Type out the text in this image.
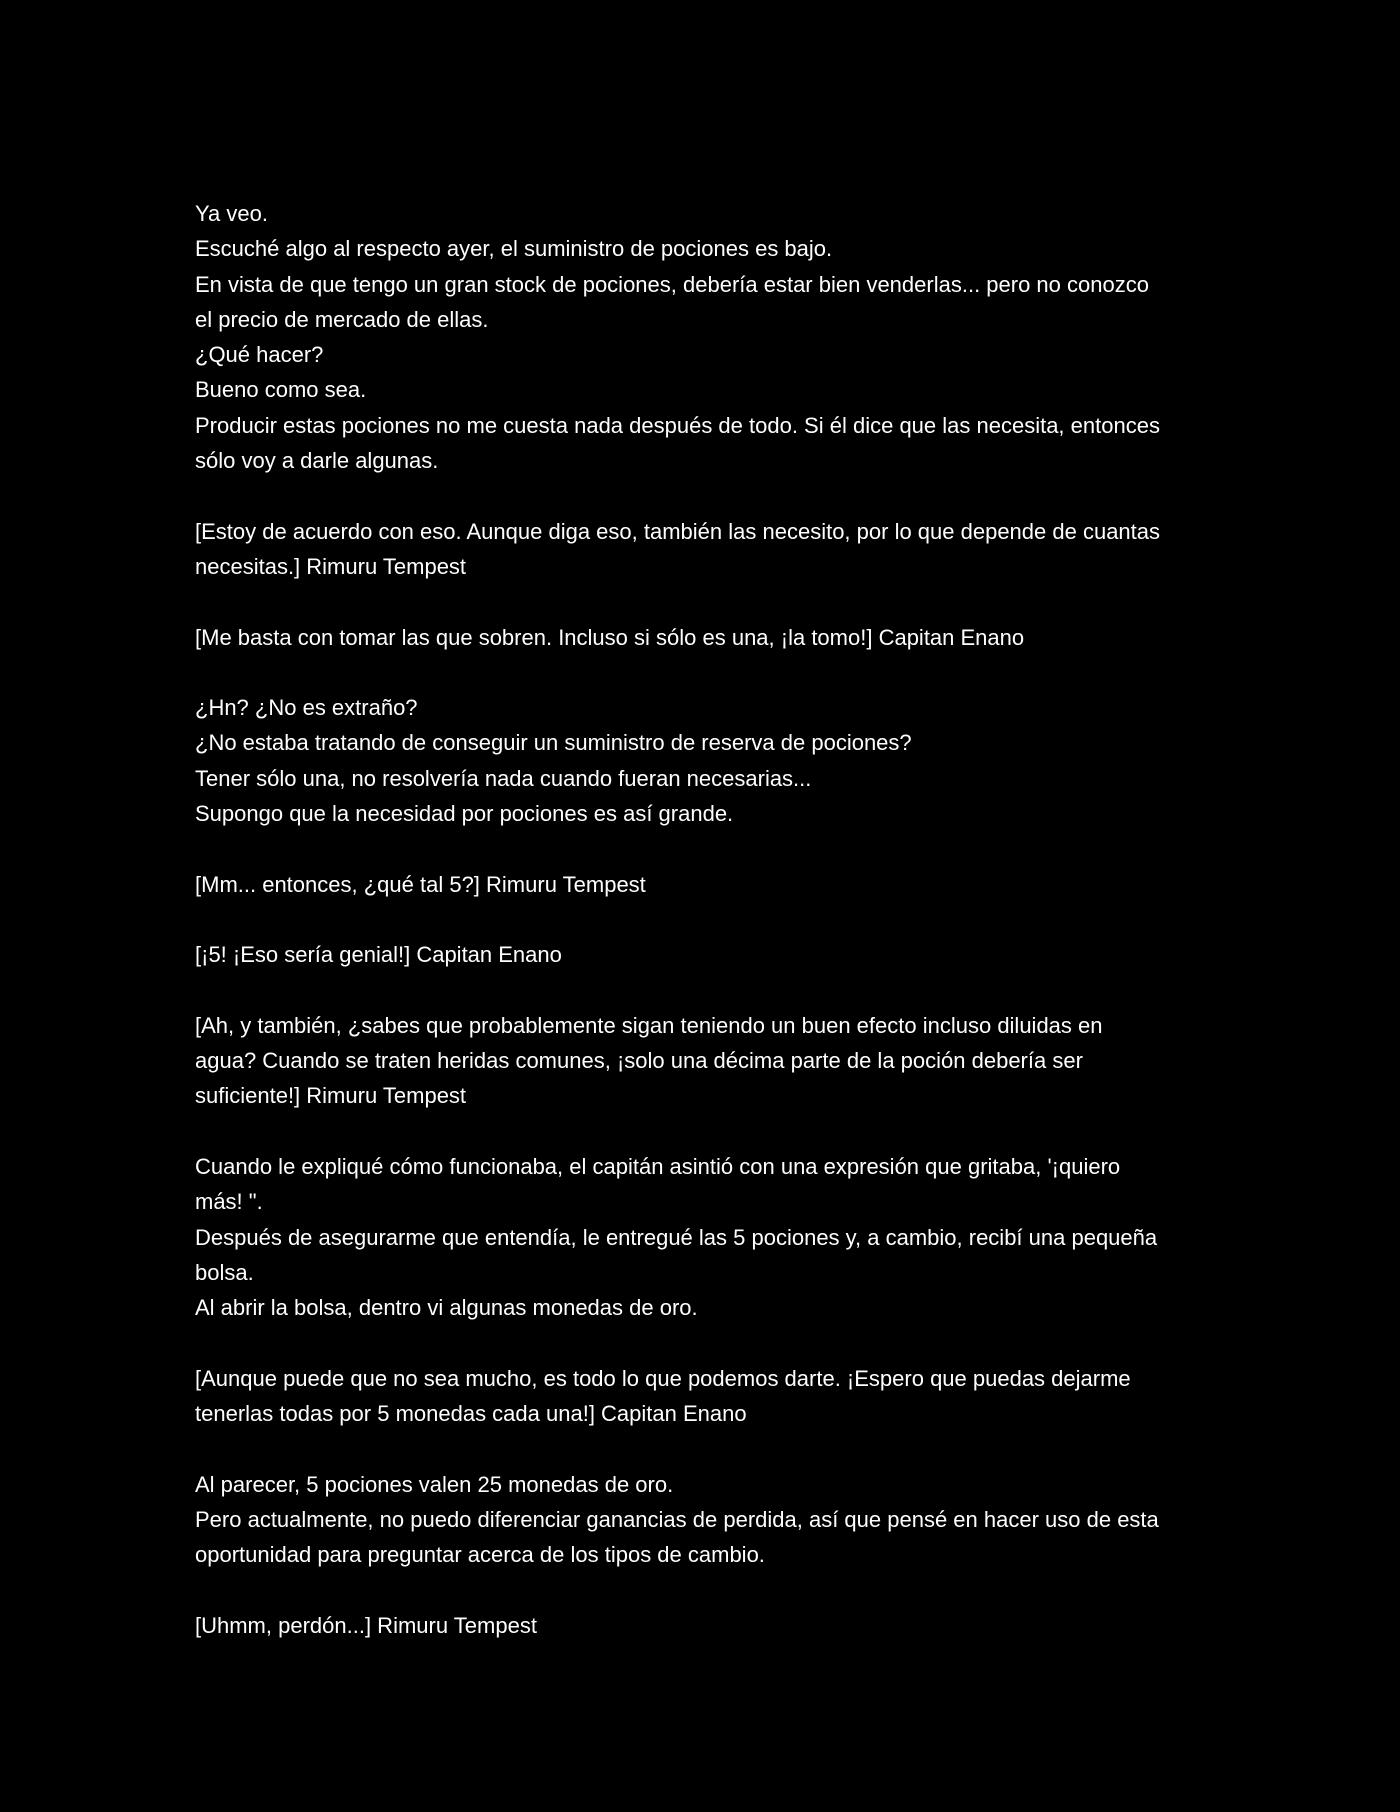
Ya veo.
Escuché algo al respecto ayer, el suministro de pociones es bajo.
En vista de que tengo un gran stock de pociones, debería estar bien venderlas... pero no conozco
el precio de mercado de ellas.
¿Qué hacer?
Bueno como sea.
Producir estas pociones no me cuesta nada después de todo. Si él dice que las necesita, entonces
sólo voy a darle algunas.
[Estoy de acuerdo con eso. Aunque diga eso, también las necesito, por lo que depende de cuantas
necesitas.] Rimuru Tempest
[Me basta con tomar las que sobren. Incluso si sólo es una, ¡la tomo!] Capitan Enano
¿Hn? ¿No es extraño?
¿No estaba tratando de conseguir un suministro de reserva de pociones?
Tener sólo una, no resolvería nada cuando fueran necesarias...
Supongo que la necesidad por pociones es así grande.
[Mm... entonces, ¿qué tal 5?] Rimuru Tempest
[¡5! ¡Eso sería genial!] Capitan Enano
[Ah, y también, ¿sabes que probablemente sigan teniendo un buen efecto incluso diluidas en
agua? Cuando se traten heridas comunes, ¡solo una décima parte de la poción debería ser
suficiente!] Rimuru Tempest
Cuando le expliqué cómo funcionaba, el capitán asintió con una expresión que gritaba, '¡quiero
más! ".
Después de asegurarme que entendía, le entregué las 5 pociones y, a cambio, recibí una pequeña
bolsa.
Al abrir la bolsa, dentro vi algunas monedas de oro.
[Aunque puede que no sea mucho, es todo lo que podemos darte. ¡Espero que puedas dejarme
tenerlas todas por 5 monedas cada una!] Capitan Enano
Al parecer, 5 pociones valen 25 monedas de oro.
Pero actualmente, no puedo diferenciar ganancias de perdida, así que pensé en hacer uso de esta
oportunidad para preguntar acerca de los tipos de cambio.
[Uhmm, perdón...] Rimuru Tempest
